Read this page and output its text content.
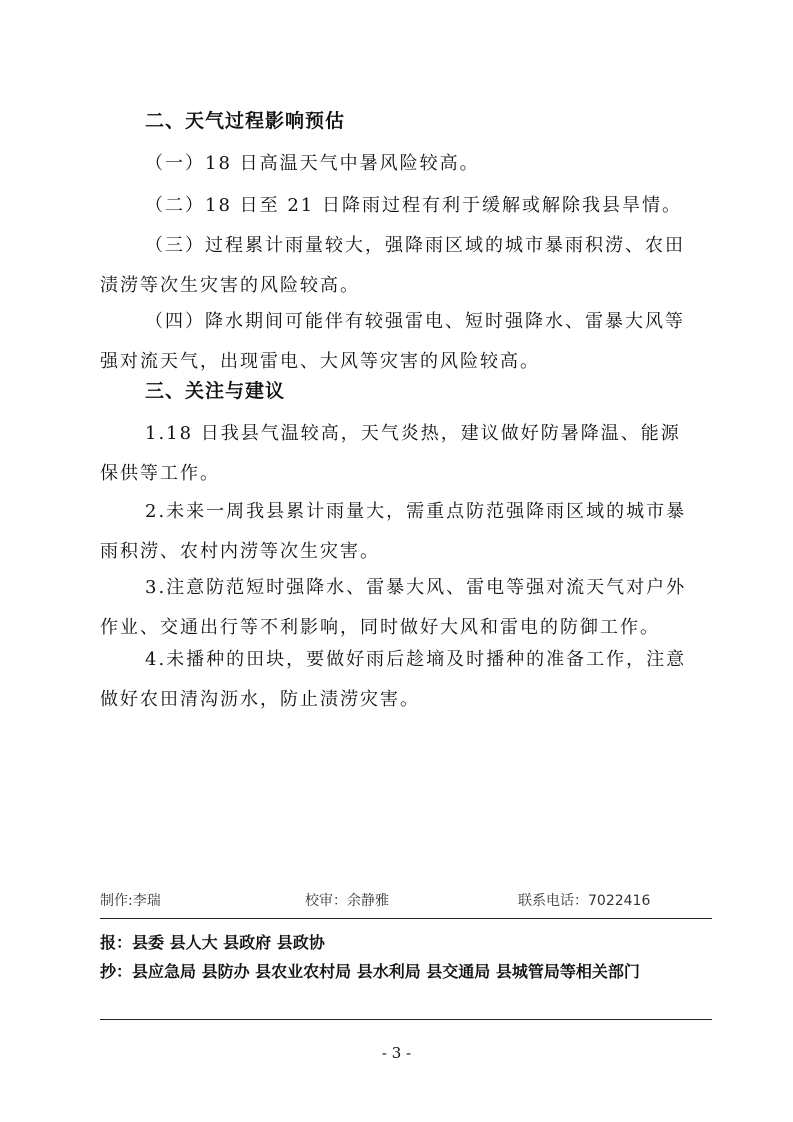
二、天气过程影响预估

（一）18 日高温天气中暑风险较高。

（二）18 日至 21 日降雨过程有利于缓解或解除我县旱情。

（三）过程累计雨量较大，强降雨区域的城市暴雨积涝、农田渍涝等次生灾害的风险较高。

（四）降水期间可能伴有较强雷电、短时强降水、雷暴大风等强对流天气，出现雷电、大风等灾害的风险较高。

三、关注与建议

1.18 日我县气温较高，天气炎热，建议做好防暑降温、能源保供等工作。

2.未来一周我县累计雨量大，需重点防范强降雨区域的城市暴雨积涝、农村内涝等次生灾害。

3.注意防范短时强降水、雷暴大风、雷电等强对流天气对户外作业、交通出行等不利影响，同时做好大风和雷电的防御工作。

4.未播种的田块，要做好雨后趁墒及时播种的准备工作，注意做好农田清沟沥水，防止渍涝灾害。

制作:李瑞	校审：余静雅	联系电话：7022416

报：县委 县人大 县政府 县政协

抄：县应急局 县防办 县农业农村局 县水利局 县交通局 县城管局等相关部门

- 3 -
